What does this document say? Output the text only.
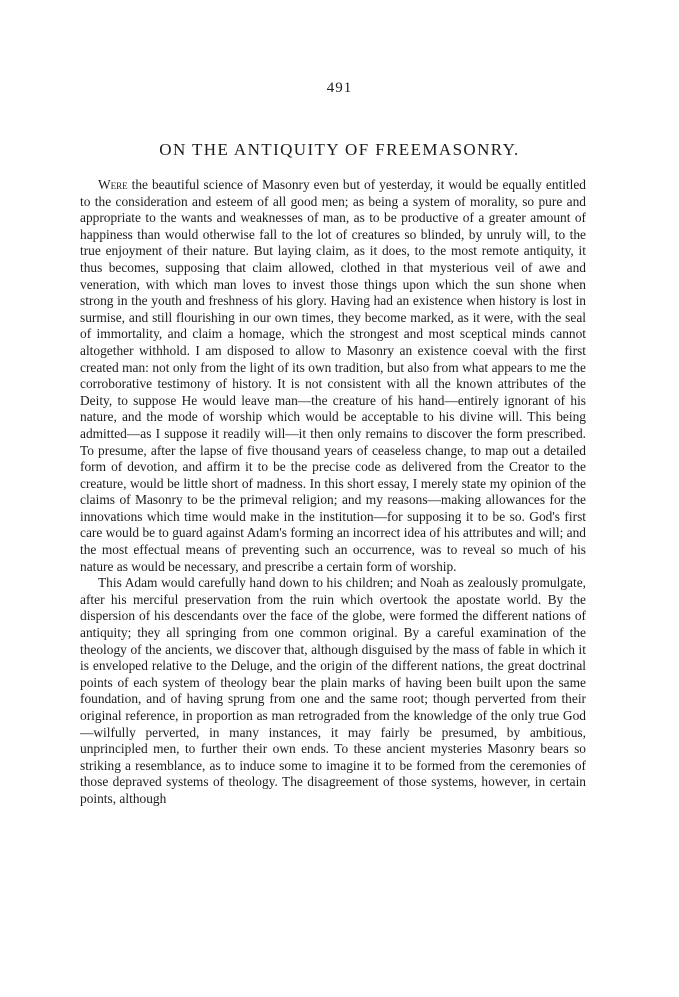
491
ON THE ANTIQUITY OF FREEMASONRY.

Were the beautiful science of Masonry even but of yesterday, it would be equally entitled to the consideration and esteem of all good men; as being a system of morality, so pure and appropriate to the wants and weaknesses of man, as to be productive of a greater amount of happiness than would otherwise fall to the lot of creatures so blinded, by unruly will, to the true enjoyment of their nature. But laying claim, as it does, to the most remote antiquity, it thus becomes, supposing that claim allowed, clothed in that mysterious veil of awe and veneration, with which man loves to invest those things upon which the sun shone when strong in the youth and freshness of his glory. Having had an existence when history is lost in surmise, and still flourishing in our own times, they become marked, as it were, with the seal of immortality, and claim a homage, which the strongest and most sceptical minds cannot altogether withhold. I am disposed to allow to Masonry an existence coeval with the first created man: not only from the light of its own tradition, but also from what appears to me the corroborative testimony of history. It is not consistent with all the known attributes of the Deity, to suppose He would leave man—the creature of his hand—entirely ignorant of his nature, and the mode of worship which would be acceptable to his divine will. This being admitted—as I suppose it readily will—it then only remains to discover the form prescribed. To presume, after the lapse of five thousand years of ceaseless change, to map out a detailed form of devotion, and affirm it to be the precise code as delivered from the Creator to the creature, would be little short of madness. In this short essay, I merely state my opinion of the claims of Masonry to be the primeval religion; and my reasons—making allowances for the innovations which time would make in the institution—for supposing it to be so. God's first care would be to guard against Adam's forming an incorrect idea of his attributes and will; and the most effectual means of preventing such an occurrence, was to reveal so much of his nature as would be necessary, and prescribe a certain form of worship.

This Adam would carefully hand down to his children; and Noah as zealously promulgate, after his merciful preservation from the ruin which overtook the apostate world. By the dispersion of his descendants over the face of the globe, were formed the different nations of antiquity; they all springing from one common original. By a careful examination of the theology of the ancients, we discover that, although disguised by the mass of fable in which it is enveloped relative to the Deluge, and the origin of the different nations, the great doctrinal points of each system of theology bear the plain marks of having been built upon the same foundation, and of having sprung from one and the same root; though perverted from their original reference, in proportion as man retrograded from the knowledge of the only true God—wilfully perverted, in many instances, it may fairly be presumed, by ambitious, unprincipled men, to further their own ends. To these ancient mysteries Masonry bears so striking a resemblance, as to induce some to imagine it to be formed from the ceremonies of those depraved systems of theology. The disagreement of those systems, however, in certain points, although
